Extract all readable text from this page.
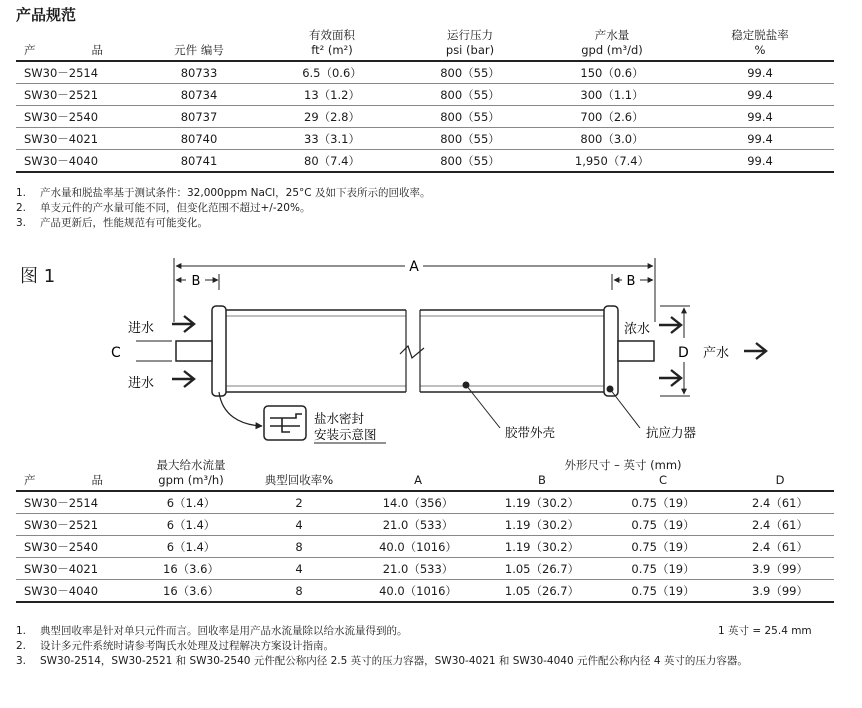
产品规范
		有效面积	运行压力	产水量	稳定脱盐率
产 品	元件 编号	ft² (m²)	psi (bar)	gpd (m³/d)	%
SW30－2514	80733	6.5（0.6）	800（55）	150（0.6）	99.4
SW30－2521	80734	13（1.2）	800（55）	300（1.1）	99.4
SW30－2540	80737	29（2.8）	800（55）	700（2.6）	99.4
SW30－4021	80740	33（3.1）	800（55）	800（3.0）	99.4
SW30－4040	80741	80（7.4）	800（55）	1,950（7.4）	99.4
1.	产水量和脱盐率基于测试条件：32,000ppm NaCl，25°C 及如下表所示的回收率。
2.	单支元件的产水量可能不同，但变化范围不超过+/-20%。
3.	产品更新后，性能规范有可能变化。
图 1	A
B	B
C
进水
进水
浓水
D 产水
盐水密封
安装示意图	胶带外壳	抗应力器
	最大给水流量		外形尺寸 – 英寸 (mm)			
产 品	gpm (m³/h)	典型回收率%	A	B	C	D
SW30－2514	6（1.4）	2	14.0（356）	1.19（30.2）	0.75（19）	2.4（61）
SW30－2521	6（1.4）	4	21.0（533）	1.19（30.2）	0.75（19）	2.4（61）
SW30－2540	6（1.4）	8	40.0（1016）	1.19（30.2）	0.75（19）	2.4（61）
SW30－4021	16（3.6）	4	21.0（533）	1.05（26.7）	0.75（19）	3.9（99）
SW30－4040	16（3.6）	8	40.0（1016）	1.05（26.7）	0.75（19）	3.9（99）
1.	典型回收率是针对单只元件而言。回收率是用产品水流量除以给水流量得到的。
2.	设计多元件系统时请参考陶氏水处理及过程解决方案设计指南。
3.	SW30-2514，SW30-2521 和 SW30-2540 元件配公称内径 2.5 英寸的压力容器，SW30-4021 和 SW30-4040 元件配公称内径 4 英寸的压力容器。
1 英寸 = 25.4 mm
